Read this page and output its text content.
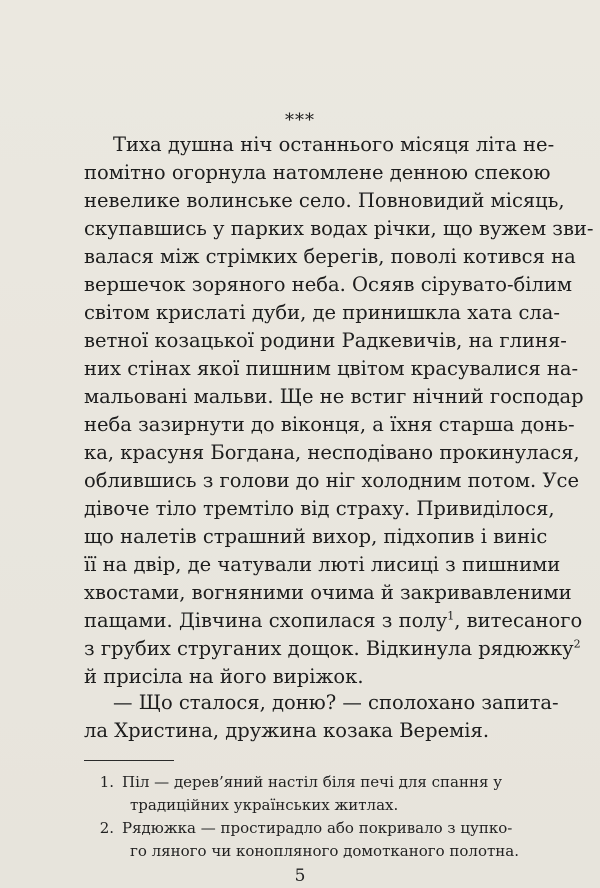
***
Тиха душна ніч останнього місяця літа не-
помітно огорнула натомлене денною спекою
невелике волинське село. Повновидий місяць,
скупавшись у парких водах річки, що вужем зви-
валася між стрімких берегів, поволі котився на
вершечок зоряного неба. Осяяв сірувато-білим
світом крислаті дуби, де принишкла хата сла-
ветної козацької родини Радкевичів, на глиня-
них стінах якої пишним цвітом красувалися на-
мальовані мальви. Ще не встиг нічний господар
неба зазирнути до віконця, а їхня старша донь-
ка, красуня Богдана, несподівано прокинулася,
облившись з голови до ніг холодним потом. Усе
дівоче тіло тремтіло від страху. Привиділося,
що налетів страшний вихор, підхопив і виніс
її на двір, де чатували люті лисиці з пишними
хвостами, вогняними очима й закривавленими
пащами. Дівчина схопилася з полу$^1$, витесаного
з грубих струганих дощок. Відкинула рядюжку$^2$
й присіла на його виріжок.
— Що сталося, доню? — сполохано запита-
ла Христина, дружина козака Веремія.
1. Піл — дерев’яний настіл біля печі для спання у
традиційних українських житлах.
2. Рядюжка — простирадло або покривало з цупко-
го ляного чи конопляного домотканого полотна.
5
